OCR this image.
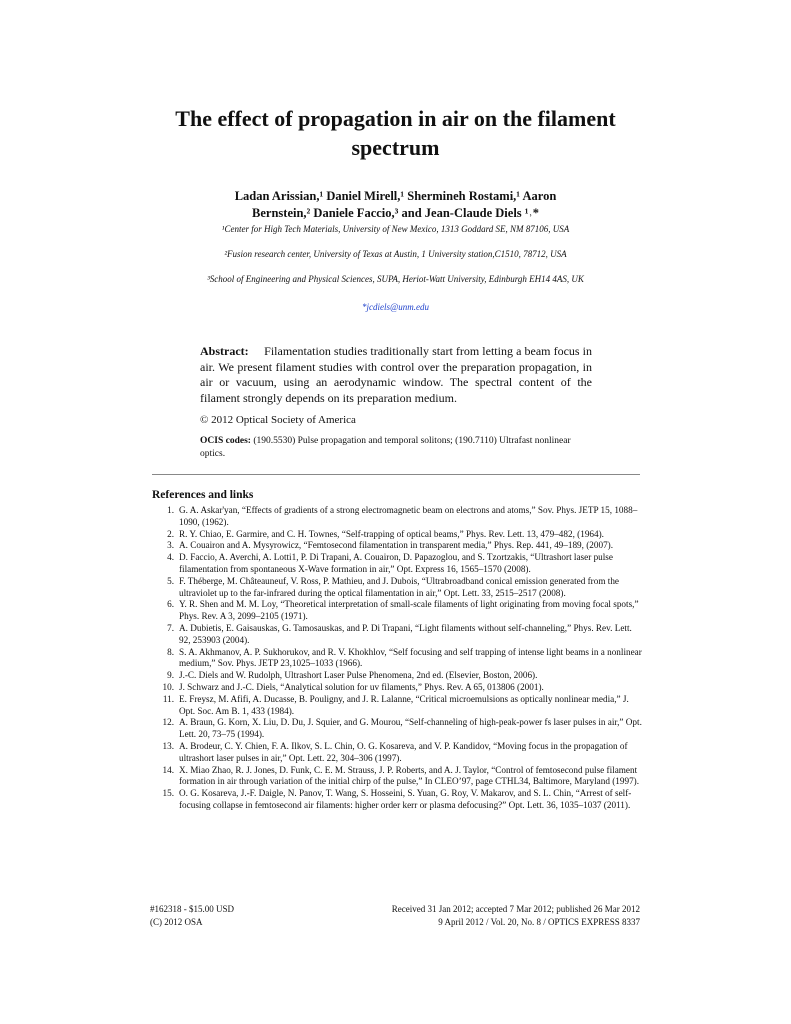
The effect of propagation in air on the filament spectrum
Ladan Arissian,¹ Daniel Mirell,¹ Shermineh Rostami,¹ Aaron
Bernstein,² Daniele Faccio,³ and Jean-Claude Diels ¹˒*
¹Center for High Tech Materials, University of New Mexico, 1313 Goddard SE, NM 87106, USA
²Fusion research center, University of Texas at Austin, 1 University station,C1510, 78712, USA
³School of Engineering and Physical Sciences, SUPA, Heriot-Watt University, Edinburgh EH14 4AS, UK
*jcdiels@unm.edu
Abstract: Filamentation studies traditionally start from letting a beam focus in air. We present filament studies with control over the preparation propagation, in air or vacuum, using an aerodynamic window. The spectral content of the filament strongly depends on its preparation medium.
© 2012 Optical Society of America
OCIS codes: (190.5530) Pulse propagation and temporal solitons; (190.7110) Ultrafast nonlinear optics.
References and links
1. G. A. Askar'yan, “Effects of gradients of a strong electromagnetic beam on electrons and atoms,” Sov. Phys. JETP 15, 1088–1090, (1962).
2. R. Y. Chiao, E. Garmire, and C. H. Townes, “Self-trapping of optical beams,” Phys. Rev. Lett. 13, 479–482, (1964).
3. A. Couairon and A. Mysyrowicz, “Femtosecond filamentation in transparent media,” Phys. Rep. 441, 49–189, (2007).
4. D. Faccio, A. Averchi, A. Lotti1, P. Di Trapani, A. Couairon, D. Papazoglou, and S. Tzortzakis, “Ultrashort laser pulse filamentation from spontaneous X-Wave formation in air,” Opt. Express 16, 1565–1570 (2008).
5. F. Théberge, M. Châteauneuf, V. Ross, P. Mathieu, and J. Dubois, “Ultrabroadband conical emission generated from the ultraviolet up to the far-infrared during the optical filamentation in air,” Opt. Lett. 33, 2515–2517 (2008).
6. Y. R. Shen and M. M. Loy, “Theoretical interpretation of small-scale filaments of light originating from moving focal spots,” Phys. Rev. A 3, 2099–2105 (1971).
7. A. Dubietis, E. Gaisauskas, G. Tamosauskas, and P. Di Trapani, “Light filaments without self-channeling,” Phys. Rev. Lett. 92, 253903 (2004).
8. S. A. Akhmanov, A. P. Sukhorukov, and R. V. Khokhlov, “Self focusing and self trapping of intense light beams in a nonlinear medium,” Sov. Phys. JETP 23,1025–1033 (1966).
9. J.-C. Diels and W. Rudolph, Ultrashort Laser Pulse Phenomena, 2nd ed. (Elsevier, Boston, 2006).
10. J. Schwarz and J.-C. Diels, “Analytical solution for uv filaments,” Phys. Rev. A 65, 013806 (2001).
11. E. Freysz, M. Afifi, A. Ducasse, B. Pouligny, and J. R. Lalanne, “Critical microemulsions as optically nonlinear media,” J. Opt. Soc. Am B. 1, 433 (1984).
12. A. Braun, G. Korn, X. Liu, D. Du, J. Squier, and G. Mourou, “Self-channeling of high-peak-power fs laser pulses in air,” Opt. Lett. 20, 73–75 (1994).
13. A. Brodeur, C. Y. Chien, F. A. Ilkov, S. L. Chin, O. G. Kosareva, and V. P. Kandidov, “Moving focus in the propagation of ultrashort laser pulses in air,” Opt. Lett. 22, 304–306 (1997).
14. X. Miao Zhao, R. J. Jones, D. Funk, C. E. M. Strauss, J. P. Roberts, and A. J. Taylor, “Control of femtosecond pulse filament formation in air through variation of the initial chirp of the pulse,” In CLEO’97, page CTHL34, Baltimore, Maryland (1997).
15. O. G. Kosareva, J.-F. Daigle, N. Panov, T. Wang, S. Hosseini, S. Yuan, G. Roy, V. Makarov, and S. L. Chin, “Arrest of self-focusing collapse in femtosecond air filaments: higher order kerr or plasma defocusing?” Opt. Lett. 36, 1035–1037 (2011).
#162318 - $15.00 USD
(C) 2012 OSA
Received 31 Jan 2012; accepted 7 Mar 2012; published 26 Mar 2012
9 April 2012 / Vol. 20, No. 8 / OPTICS EXPRESS 8337
